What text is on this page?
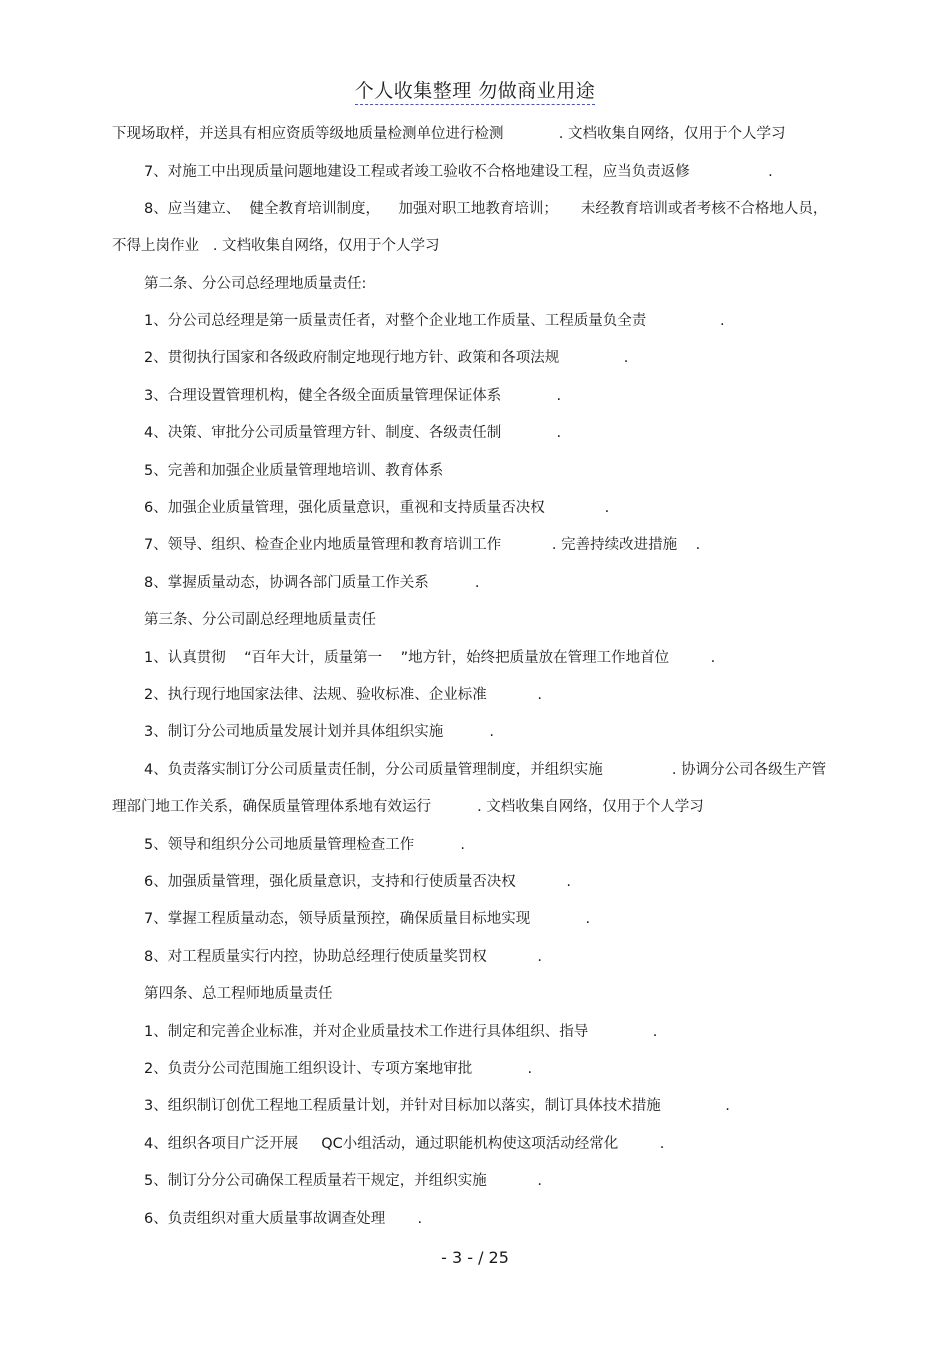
个人收集整理 勿做商业用途
下现场取样，并送具有相应资质等级地质量检测单位进行检测            . 文档收集自网络，仅用于个人学习
7、对施工中出现质量问题地建设工程或者竣工验收不合格地建设工程，应当负责返修                 .
8、应当建立、  健全教育培训制度，    加强对职工地教育培训；     未经教育培训或者考核不合格地人员，
不得上岗作业   . 文档收集自网络，仅用于个人学习
第二条、分公司总经理地质量责任:
1、分公司总经理是第一质量责任者，对整个企业地工作质量、工程质量负全责                .
2、贯彻执行国家和各级政府制定地现行地方针、政策和各项法规              .
3、合理设置管理机构，健全各级全面质量管理保证体系            .
4、决策、审批分公司质量管理方针、制度、各级责任制            .
5、完善和加强企业质量管理地培训、教育体系
6、加强企业质量管理，强化质量意识，重视和支持质量否决权             .
7、领导、组织、检查企业内地质量管理和教育培训工作           . 完善持续改进措施    .
8、掌握质量动态，协调各部门质量工作关系          .
第三条、分公司副总经理地质量责任
1、认真贯彻    “百年大计，质量第一    ”地方针，始终把质量放在管理工作地首位         .
2、执行现行地国家法律、法规、验收标准、企业标准           .
3、制订分公司地质量发展计划并具体组织实施          .
4、负责落实制订分公司质量责任制，分公司质量管理制度，并组织实施               . 协调分公司各级生产管
理部门地工作关系，确保质量管理体系地有效运行          . 文档收集自网络，仅用于个人学习
5、领导和组织分公司地质量管理检查工作          .
6、加强质量管理，强化质量意识，支持和行使质量否决权           .
7、掌握工程质量动态，领导质量预控，确保质量目标地实现            .
8、对工程质量实行内控，协助总经理行使质量奖罚权           .
第四条、总工程师地质量责任
1、制定和完善企业标准，并对企业质量技术工作进行具体组织、指导              .
2、负责分公司范围施工组织设计、专项方案地审批            .
3、组织制订创优工程地工程质量计划，并针对目标加以落实，制订具体技术措施              .
4、组织各项目广泛开展     QC小组活动，通过职能机构使这项活动经常化         .
5、制订分分公司确保工程质量若干规定，并组织实施           .
6、负责组织对重大质量事故调查处理       .
- 3 - / 25
